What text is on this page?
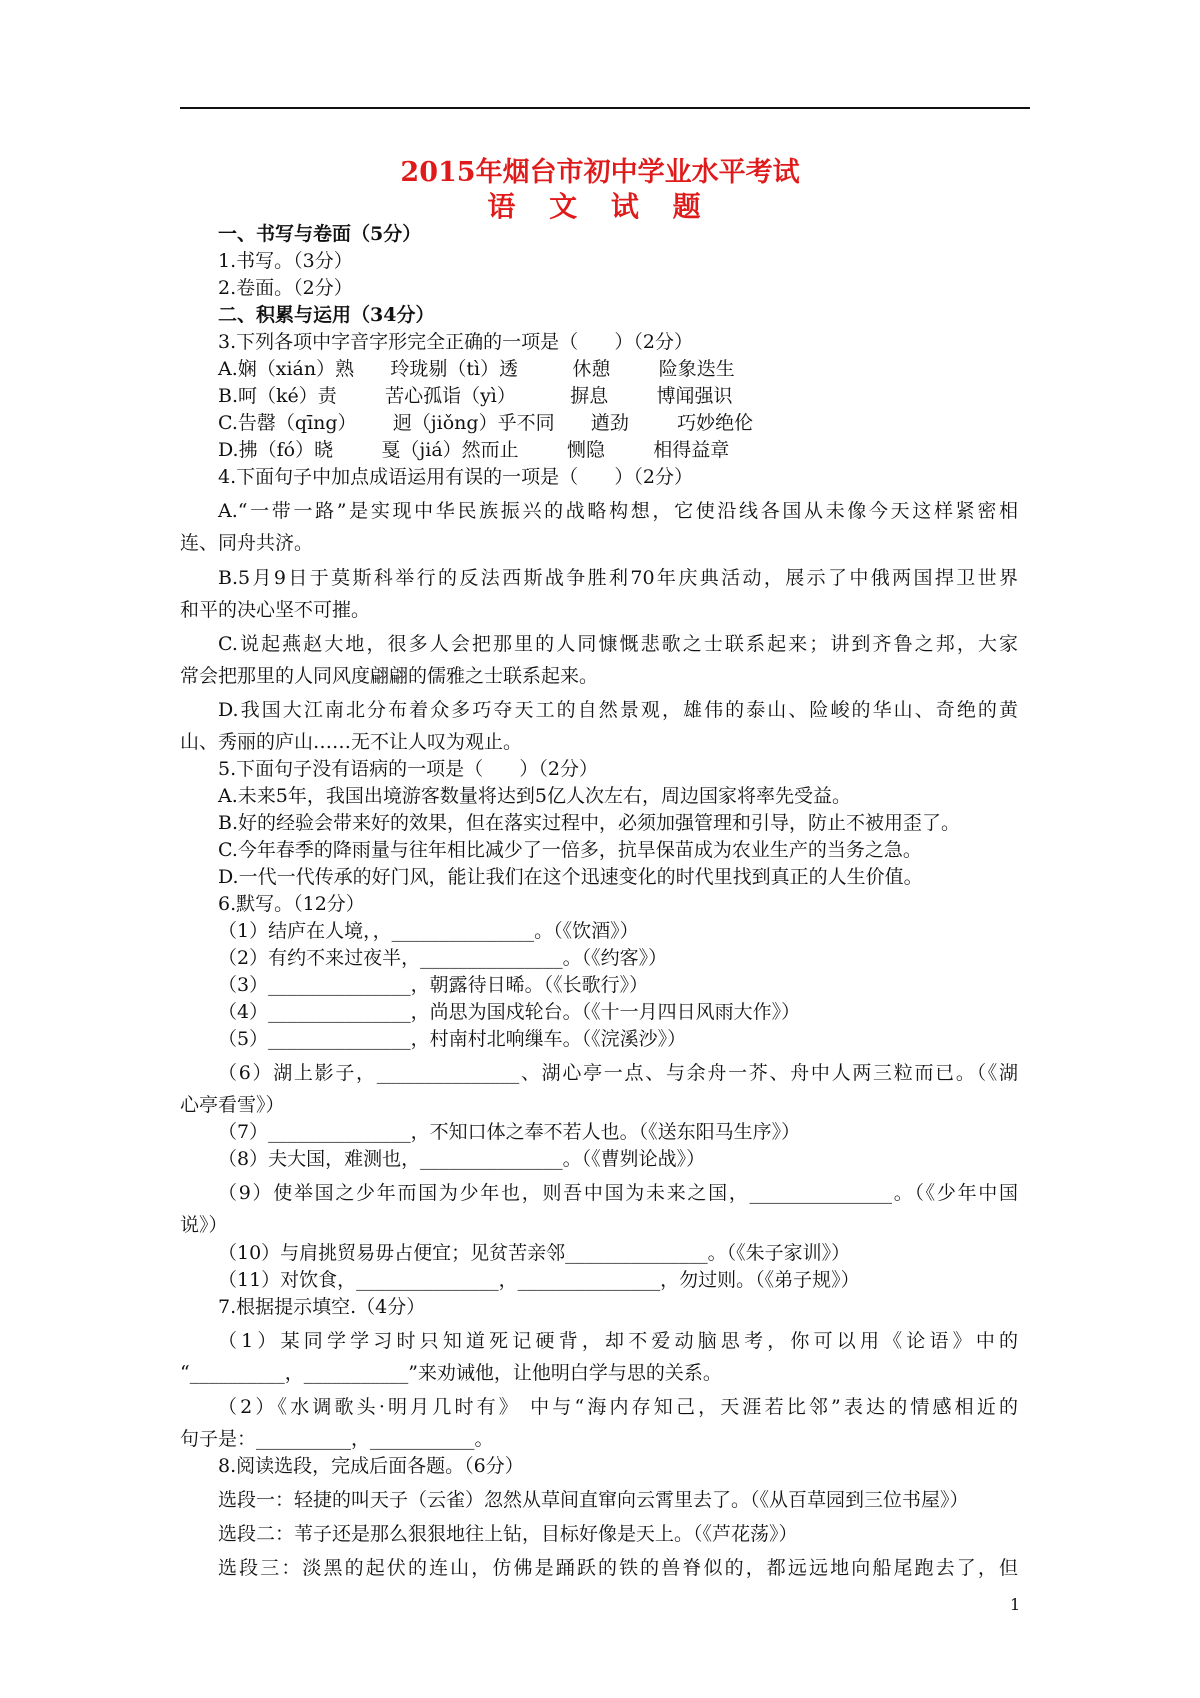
2015年烟台市初中学业水平考试
语 文 试 题
一、书写与卷面（5分）
1.书写。（3分）
2.卷面。（2分）
二、积累与运用（34分）
3.下列各项中字音字形完全正确的一项是（      ）（2分）
A.娴（xián）熟      玲珑剔（tì）透         休憩        险象迭生
B.呵（ké）责        苦心孤诣（yì）         摒息        博闻强识
C.告罄（qīng）      迥（jiǒng）乎不同      遒劲        巧妙绝伦
D.拂（fó）晓        戛（jiá）然而止        恻隐        相得益章
4.下面句子中加点成语运用有误的一项是（      ）（2分）
A.“一带一路”是实现中华民族振兴的战略构想，它使沿线各国从未像今天这样紧密相
连、同舟共济。
B.5月9日于莫斯科举行的反法西斯战争胜利70年庆典活动，展示了中俄两国捍卫世界
和平的决心坚不可摧。
C.说起燕赵大地，很多人会把那里的人同慷慨悲歌之士联系起来；讲到齐鲁之邦，大家
常会把那里的人同风度翩翩的儒雅之士联系起来。
D.我国大江南北分布着众多巧夺天工的自然景观，雄伟的泰山、险峻的华山、奇绝的黄
山、秀丽的庐山……无不让人叹为观止。
5.下面句子没有语病的一项是（      ）（2分）
A.未来5年，我国出境游客数量将达到5亿人次左右，周边国家将率先受益。
B.好的经验会带来好的效果，但在落实过程中，必须加强管理和引导，防止不被用歪了。
C.今年春季的降雨量与往年相比减少了一倍多，抗旱保苗成为农业生产的当务之急。
D.一代一代传承的好门风，能让我们在这个迅速变化的时代里找到真正的人生价值。
6.默写。（12分）
（1）结庐在人境，，_______________。（《饮酒》）
（2）有约不来过夜半，_______________。（《约客》）
（3）_______________，朝露待日晞。（《长歌行》）
（4）_______________，尚思为国戍轮台。（《十一月四日风雨大作》）
（5）_______________，村南村北响缫车。（《浣溪沙》）
（6）湖上影子，_______________、湖心亭一点、与余舟一芥、舟中人两三粒而已。（《湖
心亭看雪》）
（7）_______________，不知口体之奉不若人也。（《送东阳马生序》）
（8）夫大国，难测也，_______________。（《曹刿论战》）
（9）使举国之少年而国为少年也，则吾中国为未来之国，_______________。（《少年中国
说》）
（10）与肩挑贸易毋占便宜；见贫苦亲邻_______________。（《朱子家训》）
（11）对饮食，_______________，_______________，勿过则。（《弟子规》）
7.根据提示填空.（4分）
（1）某同学学习时只知道死记硬背，却不爱动脑思考，你可以用《论语》中的
“__________，___________”来劝诫他，让他明白学与思的关系。
（2）《水调歌头·明月几时有》 中与“海内存知己，天涯若比邻”表达的情感相近的
句子是：__________，___________。
8.阅读选段，完成后面各题。（6分）
选段一：轻捷的叫天子（云雀）忽然从草间直窜向云霄里去了。（《从百草园到三位书屋》）
选段二：苇子还是那么狠狠地往上钻，目标好像是天上。（《芦花荡》）
选段三：淡黑的起伏的连山，仿佛是踊跃的铁的兽脊似的，都远远地向船尾跑去了，但
1
